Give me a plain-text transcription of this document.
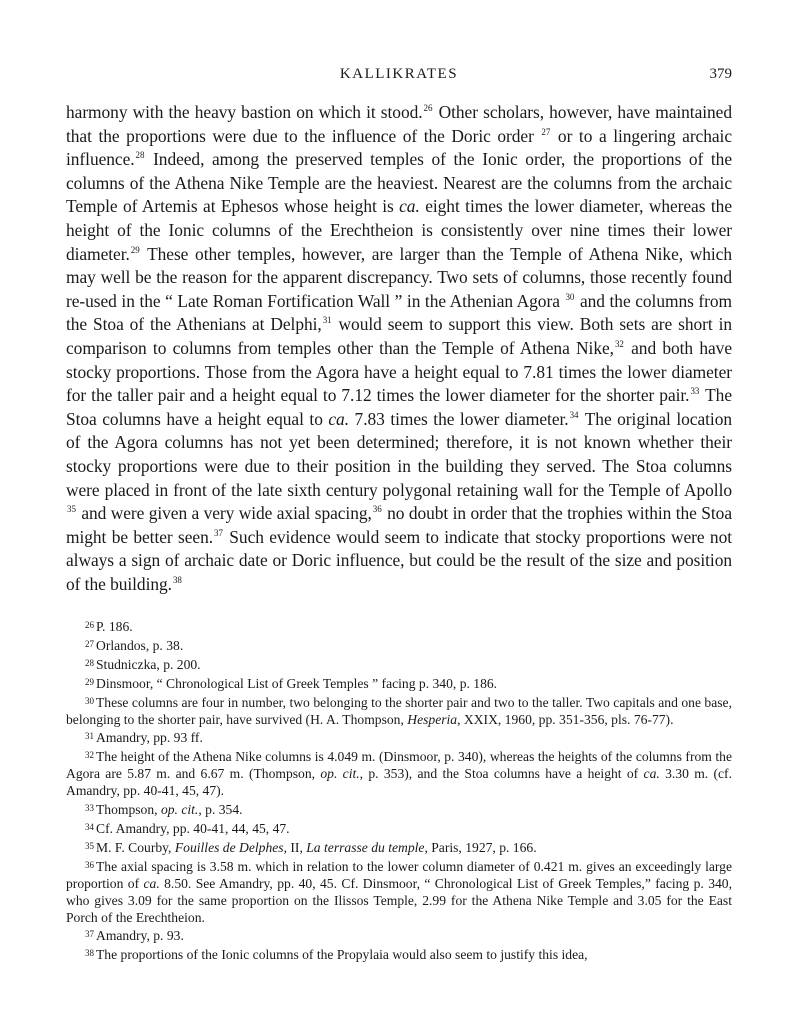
KALLIKRATES	379

harmony with the heavy bastion on which it stood.$^{26}$ Other scholars, however, have maintained that the proportions were due to the influence of the Doric order $^{27}$ or to a lingering archaic influence.$^{28}$ Indeed, among the preserved temples of the Ionic order, the proportions of the columns of the Athena Nike Temple are the heaviest. Nearest are the columns from the archaic Temple of Artemis at Ephesos whose height is ca. eight times the lower diameter, whereas the height of the Ionic columns of the Erechtheion is consistently over nine times their lower diameter.$^{29}$ These other temples, however, are larger than the Temple of Athena Nike, which may well be the reason for the apparent discrepancy. Two sets of columns, those recently found re-used in the “ Late Roman Fortification Wall ” in the Athenian Agora $^{30}$ and the columns from the Stoa of the Athenians at Delphi,$^{31}$ would seem to support this view. Both sets are short in comparison to columns from temples other than the Temple of Athena Nike,$^{32}$ and both have stocky proportions. Those from the Agora have a height equal to 7.81 times the lower diameter for the taller pair and a height equal to 7.12 times the lower diameter for the shorter pair.$^{33}$ The Stoa columns have a height equal to ca. 7.83 times the lower diameter.$^{34}$ The original location of the Agora columns has not yet been determined; therefore, it is not known whether their stocky proportions were due to their position in the building they served. The Stoa columns were placed in front of the late sixth century polygonal retaining wall for the Temple of Apollo $^{35}$ and were given a very wide axial spacing,$^{36}$ no doubt in order that the trophies within the Stoa might be better seen.$^{37}$ Such evidence would seem to indicate that stocky proportions were not always a sign of archaic date or Doric influence, but could be the result of the size and position of the building.$^{38}$

$^{26}$ P. 186.

$^{27}$ Orlandos, p. 38.

$^{28}$ Studniczka, p. 200.

$^{29}$ Dinsmoor, “ Chronological List of Greek Temples ” facing p. 340, p. 186.

$^{30}$ These columns are four in number, two belonging to the shorter pair and two to the taller. Two capitals and one base, belonging to the shorter pair, have survived (H. A. Thompson, Hesperia, XXIX, 1960, pp. 351-356, pls. 76-77).

$^{31}$ Amandry, pp. 93 ff.

$^{32}$ The height of the Athena Nike columns is 4.049 m. (Dinsmoor, p. 340), whereas the heights of the columns from the Agora are 5.87 m. and 6.67 m. (Thompson, op. cit., p. 353), and the Stoa columns have a height of ca. 3.30 m. (cf. Amandry, pp. 40-41, 45, 47).

$^{33}$ Thompson, op. cit., p. 354.

$^{34}$ Cf. Amandry, pp. 40-41, 44, 45, 47.

$^{35}$ M. F. Courby, Fouilles de Delphes, II, La terrasse du temple, Paris, 1927, p. 166.

$^{36}$ The axial spacing is 3.58 m. which in relation to the lower column diameter of 0.421 m. gives an exceedingly large proportion of ca. 8.50. See Amandry, pp. 40, 45. Cf. Dinsmoor, “ Chronological List of Greek Temples,” facing p. 340, who gives 3.09 for the same proportion on the Ilissos Temple, 2.99 for the Athena Nike Temple and 3.05 for the East Porch of the Erechtheion.

$^{37}$ Amandry, p. 93.

$^{38}$ The proportions of the Ionic columns of the Propylaia would also seem to justify this idea,
